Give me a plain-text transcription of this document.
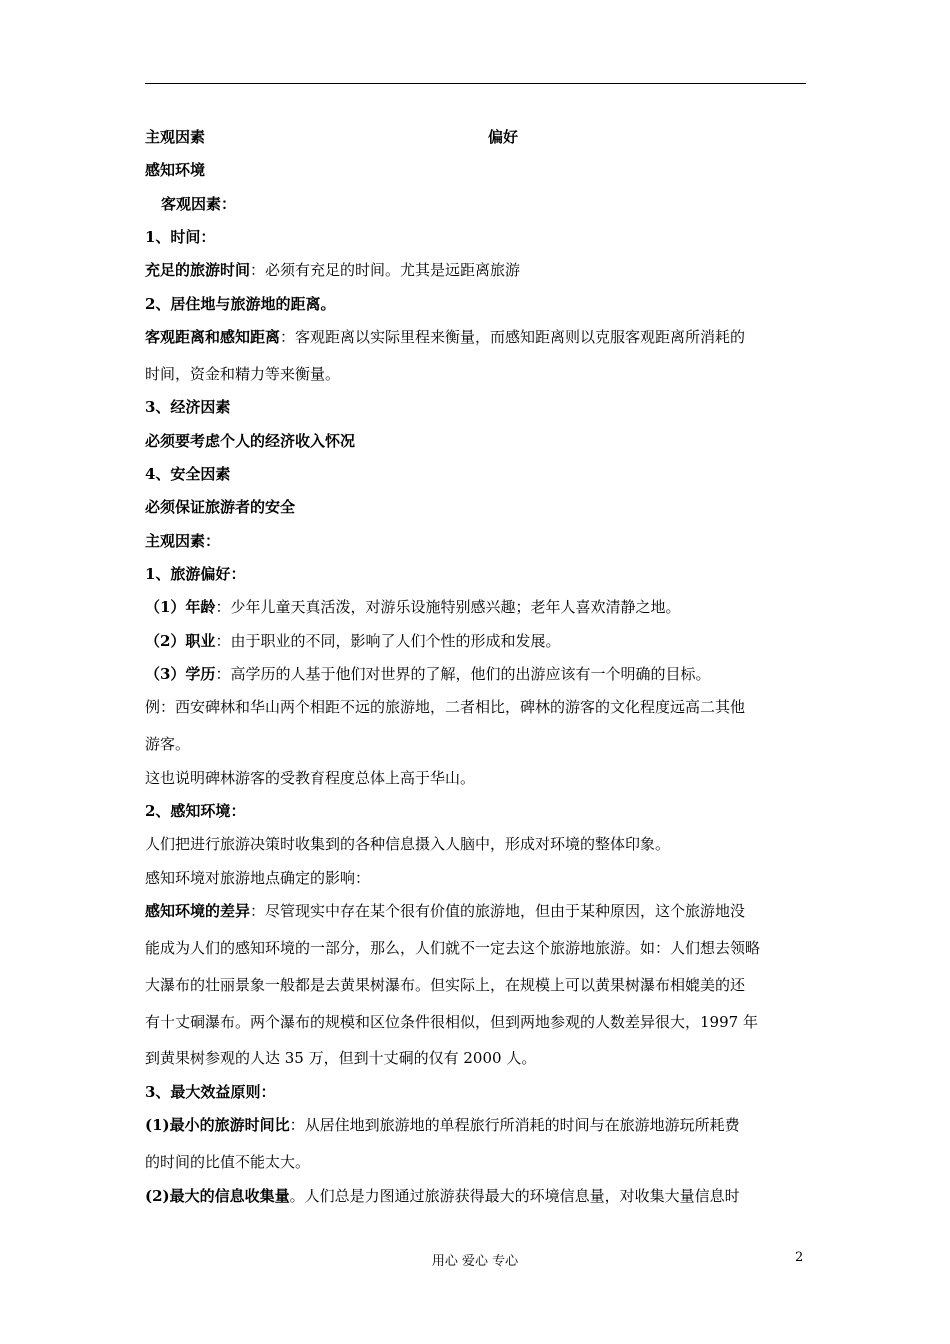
主观因素	偏好
感知环境
客观因素：
1、时间：
充足的旅游时间：必须有充足的时间。尤其是远距离旅游
2、居住地与旅游地的距离。
客观距离和感知距离：客观距离以实际里程来衡量，而感知距离则以克服客观距离所消耗的
时间，资金和精力等来衡量。
3、经济因素
必须要考虑个人的经济收入怀况
4、安全因素
必须保证旅游者的安全
主观因素：
1、旅游偏好：
（1）年龄：少年儿童天真活泼，对游乐设施特别感兴趣；老年人喜欢清静之地。
（2）职业：由于职业的不同，影响了人们个性的形成和发展。
（3）学历：高学历的人基于他们对世界的了解，他们的出游应该有一个明确的目标。
例：西安碑林和华山两个相距不远的旅游地，二者相比，碑林的游客的文化程度远高二其他
游客。
这也说明碑林游客的受教育程度总体上高于华山。
2、感知环境：
人们把进行旅游决策时收集到的各种信息摄入人脑中，形成对环境的整体印象。
感知环境对旅游地点确定的影响：
感知环境的差异：尽管现实中存在某个很有价值的旅游地，但由于某种原因，这个旅游地没
能成为人们的感知环境的一部分，那么，人们就不一定去这个旅游地旅游。如：人们想去领略
大瀑布的壮丽景象一般都是去黄果树瀑布。但实际上，在规模上可以黄果树瀑布相媲美的还
有十丈硐瀑布。两个瀑布的规模和区位条件很相似，但到两地参观的人数差异很大，1997 年
到黄果树参观的人达 35 万，但到十丈硐的仅有 2000 人。
3、最大效益原则：
(1)最小的旅游时间比：从居住地到旅游地的单程旅行所消耗的时间与在旅游地游玩所耗费
的时间的比值不能太大。
(2)最大的信息收集量。人们总是力图通过旅游获得最大的环境信息量，对收集大量信息时
用心 爱心 专心	2
